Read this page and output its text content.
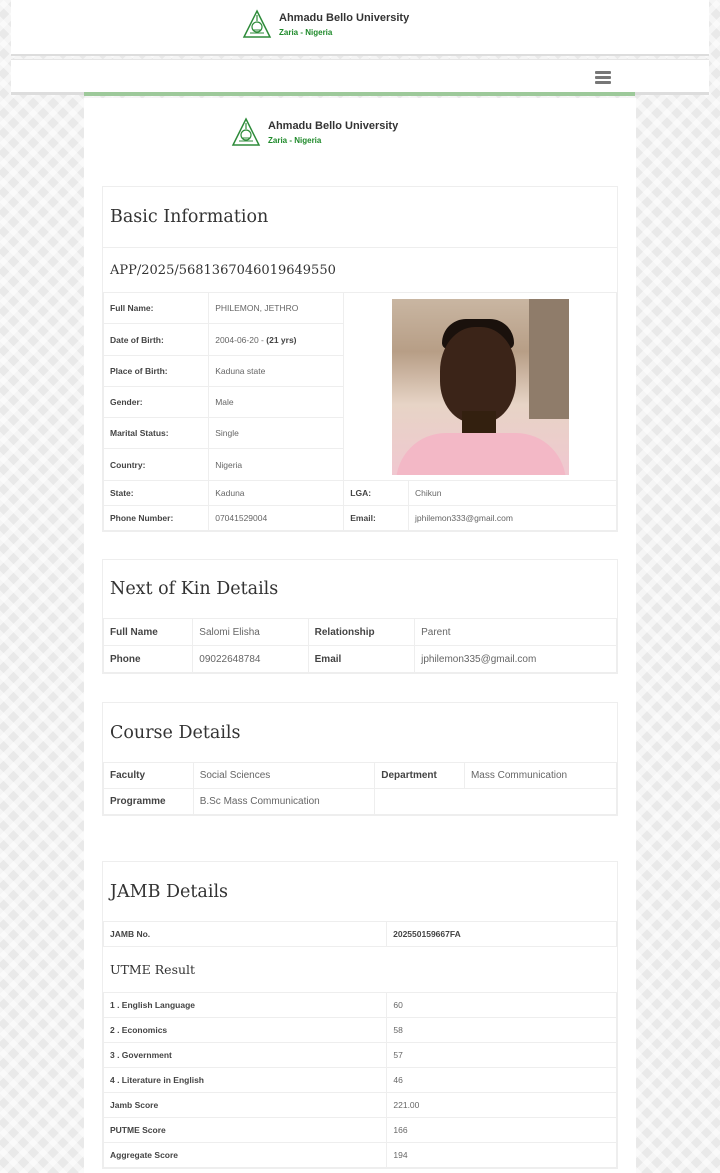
Ahmadu Bello University
Zaria - Nigeria
Ahmadu Bello University
Zaria - Nigeria
Basic Information
APP/2025/5681367046019649550
Full Name:	PHILEMON, JETHRO		

Date of Birth:	2004-06-20 - (21 yrs)		
Place of Birth:	Kaduna state		
Gender:	Male		
Marital Status:	Single		
Country:	Nigeria		
State:	Kaduna	LGA:	Chikun
Phone Number:	07041529004	Email:	jphilemon333@gmail.com
Next of Kin Details
Full Name	Salomi Elisha	Relationship	Parent
Phone	09022648784	Email	jphilemon335@gmail.com
Course Details
Faculty	Social Sciences	Department	Mass Communication
Programme	B.Sc Mass Communication		
JAMB Details
JAMB No.	202550159667FA
UTME Result
1 . English Language	60
2 . Economics	58
3 . Government	57
4 . Literature in English	46
Jamb Score	221.00
PUTME Score	166
Aggregate Score	194
